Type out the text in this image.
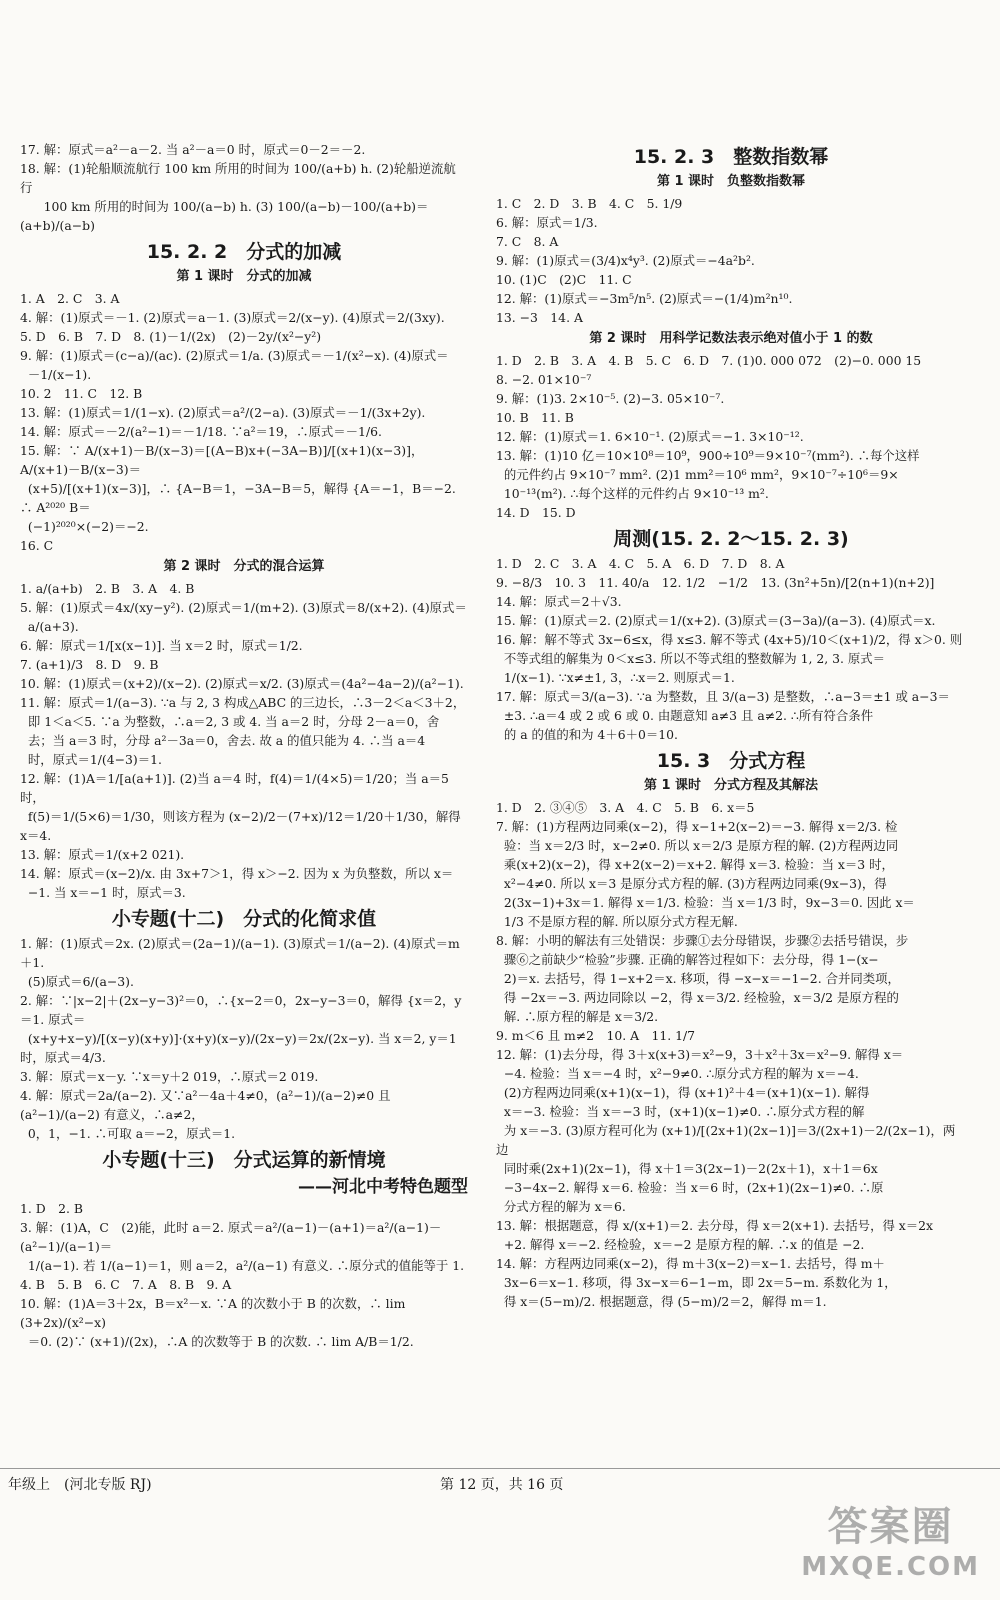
17. 解：原式＝a²－a－2. 当 a²－a＝0 时，原式＝0－2＝－2.
18. 解：(1)轮船顺流航行 100 km 所用的时间为 100/(a+b) h. (2)轮船逆流航行
100 km 所用的时间为 100/(a−b) h. (3) 100/(a−b)－100/(a+b)＝(a+b)/(a−b)
15. 2. 2　分式的加减
第 1 课时　分式的加减
1. A　2. C　3. A
4. 解：(1)原式＝－1. (2)原式＝a－1. (3)原式＝2/(x−y). (4)原式＝2/(3xy).
5. D　6. B　7. D　8. (1)－1/(2x)　(2)－2y/(x²−y²)
9. 解：(1)原式＝(c−a)/(ac). (2)原式＝1/a. (3)原式＝－1/(x²−x). (4)原式＝
－1/(x−1).
10. 2　11. C　12. B
13. 解：(1)原式＝1/(1−x). (2)原式＝a²/(2−a). (3)原式＝－1/(3x+2y).
14. 解：原式＝－2/(a²−1)＝－1/18. ∵a²＝19，∴原式＝－1/6.
15. 解：∵ A/(x+1)－B/(x−3)＝[(A−B)x+(−3A−B)]/[(x+1)(x−3)]，A/(x+1)－B/(x−3)＝
(x+5)/[(x+1)(x−3)]，∴ {A−B＝1，−3A−B＝5，解得 {A＝−1，B＝−2. ∴ A²⁰²⁰ B＝
(−1)²⁰²⁰×(−2)＝−2.
16. C
第 2 课时　分式的混合运算
1. a/(a+b)　2. B　3. A　4. B
5. 解：(1)原式＝4x/(xy−y²). (2)原式＝1/(m+2). (3)原式＝8/(x+2). (4)原式＝
a/(a+3).
6. 解：原式＝1/[x(x−1)]. 当 x＝2 时，原式＝1/2.
7. (a+1)/3　8. D　9. B
10. 解：(1)原式＝(x+2)/(x−2). (2)原式＝x/2. (3)原式＝(4a²−4a−2)/(a²−1).
11. 解：原式＝1/(a−3). ∵a 与 2, 3 构成△ABC 的三边长，∴3－2＜a＜3＋2，
即 1＜a＜5. ∵a 为整数，∴a＝2, 3 或 4. 当 a＝2 时，分母 2－a＝0，舍
去；当 a＝3 时，分母 a²－3a＝0，舍去. 故 a 的值只能为 4. ∴当 a＝4
时，原式＝1/(4−3)＝1.
12. 解：(1)A＝1/[a(a+1)]. (2)当 a＝4 时，f(4)＝1/(4×5)＝1/20；当 a＝5 时，
f(5)＝1/(5×6)＝1/30，则该方程为 (x−2)/2－(7+x)/12＝1/20＋1/30，解得 x＝4.
13. 解：原式＝1/(x+2 021).
14. 解：原式＝(x−2)/x. 由 3x+7＞1，得 x＞−2. 因为 x 为负整数，所以 x＝
−1. 当 x＝−1 时，原式＝3.
小专题(十二)　分式的化简求值
1. 解：(1)原式＝2x. (2)原式＝(2a−1)/(a−1). (3)原式＝1/(a−2). (4)原式＝m＋1.
(5)原式＝6/(a−3).
2. 解：∵|x−2|＋(2x−y−3)²＝0，∴{x−2＝0，2x−y−3＝0，解得 {x＝2，y＝1. 原式＝
(x+y+x−y)/[(x−y)(x+y)]·(x+y)(x−y)/(2x−y)＝2x/(2x−y). 当 x＝2, y＝1 时，原式＝4/3.
3. 解：原式＝x－y. ∵x＝y＋2 019，∴原式＝2 019.
4. 解：原式＝2a/(a−2). 又∵a²－4a＋4≠0，(a²−1)/(a−2)≠0 且 (a²−1)/(a−2) 有意义，∴a≠2，
0，1，−1. ∴可取 a＝−2，原式＝1.
小专题(十三)　分式运算的新情境
——河北中考特色题型
1. D　2. B
3. 解：(1)A，C　(2)能，此时 a＝2. 原式＝a²/(a−1)－(a+1)＝a²/(a−1)－(a²−1)/(a−1)＝
1/(a−1). 若 1/(a−1)＝1，则 a＝2，a²/(a−1) 有意义. ∴原分式的值能等于 1.
4. B　5. B　6. C　7. A　8. B　9. A
10. 解：(1)A＝3＋2x，B＝x²－x. ∵A 的次数小于 B 的次数，∴ lim (3+2x)/(x²−x)
＝0. (2)∵ (x+1)/(2x)，∴A 的次数等于 B 的次数. ∴ lim A/B＝1/2.
15. 2. 3　整数指数幂
第 1 课时　负整数指数幂
1. C　2. D　3. B　4. C　5. 1/9
6. 解：原式＝1/3.
7. C　8. A
9. 解：(1)原式＝(3/4)x⁴y³. (2)原式＝−4a²b².
10. (1)C　(2)C　11. C
12. 解：(1)原式＝−3m⁵/n⁵. (2)原式＝−(1/4)m²n¹⁰.
13. −3　14. A
第 2 课时　用科学记数法表示绝对值小于 1 的数
1. D　2. B　3. A　4. B　5. C　6. D　7. (1)0. 000 072　(2)−0. 000 15
8. −2. 01×10⁻⁷
9. 解：(1)3. 2×10⁻⁵. (2)−3. 05×10⁻⁷.
10. B　11. B
12. 解：(1)原式＝1. 6×10⁻¹. (2)原式＝−1. 3×10⁻¹².
13. 解：(1)10 亿＝10×10⁸＝10⁹，900÷10⁹＝9×10⁻⁷(mm²). ∴每个这样
的元件约占 9×10⁻⁷ mm². (2)1 mm²＝10⁶ mm²，9×10⁻⁷÷10⁶＝9×
10⁻¹³(m²). ∴每个这样的元件约占 9×10⁻¹³ m².
14. D　15. D
周测(15. 2. 2～15. 2. 3)
1. D　2. C　3. A　4. C　5. A　6. D　7. D　8. A
9. −8/3　10. 3　11. 40/a　12. 1/2　−1/2　13. (3n²+5n)/[2(n+1)(n+2)]
14. 解：原式＝2＋√3.
15. 解：(1)原式＝2. (2)原式＝1/(x+2). (3)原式＝(3−3a)/(a−3). (4)原式＝x.
16. 解：解不等式 3x−6≤x，得 x≤3. 解不等式 (4x+5)/10＜(x+1)/2，得 x＞0. 则
不等式组的解集为 0＜x≤3. 所以不等式组的整数解为 1, 2, 3. 原式＝
1/(x−1). ∵x≠±1, 3，∴x＝2. 则原式＝1.
17. 解：原式＝3/(a−3). ∵a 为整数，且 3/(a−3) 是整数，∴a−3＝±1 或 a−3＝
±3. ∴a＝4 或 2 或 6 或 0. 由题意知 a≠3 且 a≠2. ∴所有符合条件
的 a 的值的和为 4＋6＋0＝10.
15. 3　分式方程
第 1 课时　分式方程及其解法
1. D　2. ③④⑤　3. A　4. C　5. B　6. x＝5
7. 解：(1)方程两边同乘(x−2)，得 x−1+2(x−2)＝−3. 解得 x＝2/3. 检
验：当 x＝2/3 时，x−2≠0. 所以 x＝2/3 是原方程的解. (2)方程两边同
乘(x+2)(x−2)，得 x+2(x−2)＝x+2. 解得 x＝3. 检验：当 x＝3 时，
x²−4≠0. 所以 x＝3 是原分式方程的解. (3)方程两边同乘(9x−3)，得
2(3x−1)+3x＝1. 解得 x＝1/3. 检验：当 x＝1/3 时，9x−3＝0. 因此 x＝
1/3 不是原方程的解. 所以原分式方程无解.
8. 解：小明的解法有三处错误：步骤①去分母错误，步骤②去括号错误，步
骤⑥之前缺少“检验”步骤. 正确的解答过程如下：去分母，得 1−(x−
2)＝x. 去括号，得 1−x+2＝x. 移项，得 −x−x＝−1−2. 合并同类项，
得 −2x＝−3. 两边同除以 −2，得 x＝3/2. 经检验，x＝3/2 是原方程的
解. ∴原方程的解是 x＝3/2.
9. m＜6 且 m≠2　10. A　11. 1/7
12. 解：(1)去分母，得 3＋x(x+3)＝x²−9，3＋x²＋3x＝x²−9. 解得 x＝
−4. 检验：当 x＝−4 时，x²−9≠0. ∴原分式方程的解为 x＝−4.
(2)方程两边同乘(x+1)(x−1)，得 (x+1)²＋4＝(x+1)(x−1). 解得
x＝−3. 检验：当 x＝−3 时，(x+1)(x−1)≠0. ∴原分式方程的解
为 x＝−3. (3)原方程可化为 (x+1)/[(2x+1)(2x−1)]＝3/(2x+1)－2/(2x−1)，两边
同时乘(2x+1)(2x−1)，得 x＋1＝3(2x−1)－2(2x＋1)，x＋1＝6x
−3−4x−2. 解得 x＝6. 检验：当 x＝6 时，(2x+1)(2x−1)≠0. ∴原
分式方程的解为 x＝6.
13. 解：根据题意，得 x/(x+1)＝2. 去分母，得 x＝2(x+1). 去括号，得 x＝2x
+2. 解得 x＝−2. 经检验，x＝−2 是原方程的解. ∴x 的值是 −2.
14. 解：方程两边同乘(x−2)，得 m＋3(x−2)＝x−1. 去括号，得 m＋
3x−6＝x−1. 移项，得 3x−x＝6−1−m，即 2x＝5−m. 系数化为 1，
得 x＝(5−m)/2. 根据题意，得 (5−m)/2＝2，解得 m＝1.
年级上　(河北专版 RJ)	第 12 页，共 16 页
答案圈
MXQE.COM
